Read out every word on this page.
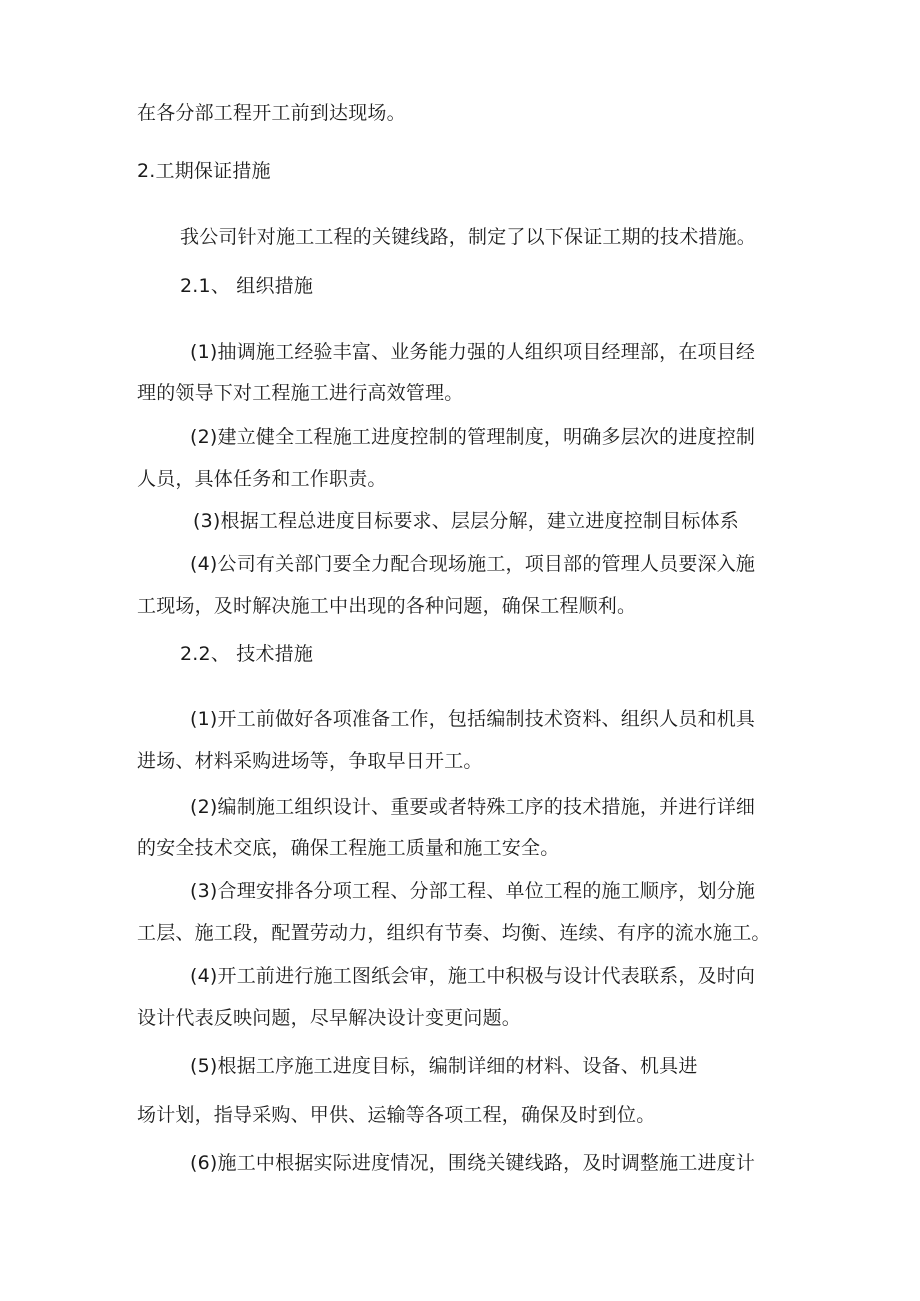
在各分部工程开工前到达现场。
2.工期保证措施
我公司针对施工工程的关键线路，制定了以下保证工期的技术措施。
2.1、 组织措施
(1)抽调施工经验丰富、业务能力强的人组织项目经理部，在项目经
理的领导下对工程施工进行高效管理。
(2)建立健全工程施工进度控制的管理制度，明确多层次的进度控制
人员，具体任务和工作职责。
(3)根据工程总进度目标要求、层层分解，建立进度控制目标体系
(4)公司有关部门要全力配合现场施工，项目部的管理人员要深入施
工现场，及时解决施工中出现的各种问题，确保工程顺利。
2.2、 技术措施
(1)开工前做好各项准备工作，包括编制技术资料、组织人员和机具
进场、材料采购进场等，争取早日开工。
(2)编制施工组织设计、重要或者特殊工序的技术措施，并进行详细
的安全技术交底，确保工程施工质量和施工安全。
(3)合理安排各分项工程、分部工程、单位工程的施工顺序，划分施
工层、施工段，配置劳动力，组织有节奏、均衡、连续、有序的流水施工。
(4)开工前进行施工图纸会审，施工中积极与设计代表联系，及时向
设计代表反映问题，尽早解决设计变更问题。
(5)根据工序施工进度目标，编制详细的材料、设备、机具进
场计划，指导采购、甲供、运输等各项工程，确保及时到位。
(6)施工中根据实际进度情况，围绕关键线路，及时调整施工进度计
